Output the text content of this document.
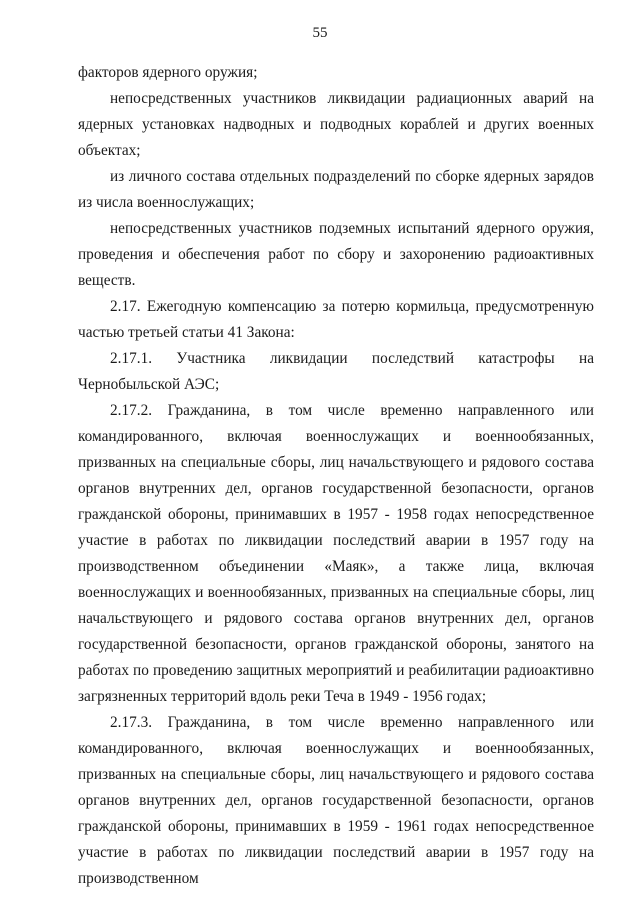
55

факторов ядерного оружия;

непосредственных участников ликвидации радиационных аварий на ядерных установках надводных и подводных кораблей и других военных объектах;

из личного состава отдельных подразделений по сборке ядерных зарядов из числа военнослужащих;

непосредственных участников подземных испытаний ядерного оружия, проведения и обеспечения работ по сбору и захоронению радиоактивных веществ.

2.17. Ежегодную компенсацию за потерю кормильца, предусмотренную частью третьей статьи 41 Закона:

2.17.1. Участника ликвидации последствий катастрофы на Чернобыльской АЭС;

2.17.2. Гражданина, в том числе временно направленного или командированного, включая военнослужащих и военнообязанных, призванных на специальные сборы, лиц начальствующего и рядового состава органов внутренних дел, органов государственной безопасности, органов гражданской обороны, принимавших в 1957 - 1958 годах непосредственное участие в работах по ликвидации последствий аварии в 1957 году на производственном объединении «Маяк», а также лица, включая военнослужащих и военнообязанных, призванных на специальные сборы, лиц начальствующего и рядового состава органов внутренних дел, органов государственной безопасности, органов гражданской обороны, занятого на работах по проведению защитных мероприятий и реабилитации радиоактивно загрязненных территорий вдоль реки Теча в 1949 - 1956 годах;

2.17.3. Гражданина, в том числе временно направленного или командированного, включая военнослужащих и военнообязанных, призванных на специальные сборы, лиц начальствующего и рядового состава органов внутренних дел, органов государственной безопасности, органов гражданской обороны, принимавших в 1959 - 1961 годах непосредственное участие в работах по ликвидации последствий аварии в 1957 году на производственном
